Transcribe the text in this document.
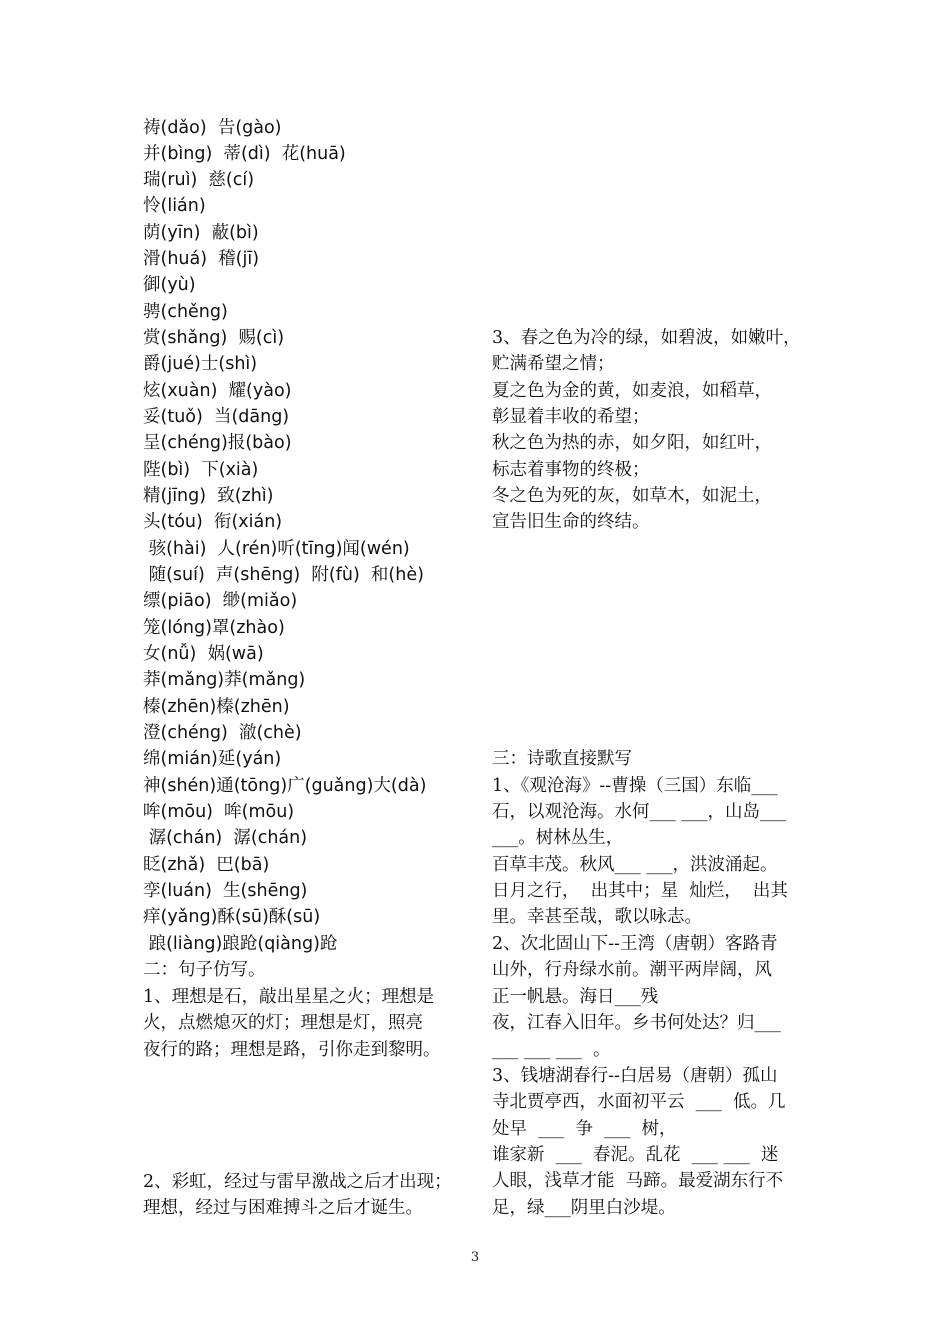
祷(dǎo)  告(gào)
并(bìng)  蒂(dì)  花(huā)
瑞(ruì)  慈(cí)
怜(lián)
荫(yīn)  蔽(bì)
滑(huá)  稽(jī)
御(yù)
骋(chěng)
赏(shǎng)  赐(cì)
爵(jué)士(shì)
炫(xuàn)  耀(yào)
妥(tuǒ)  当(dāng)
呈(chéng)报(bào)
陛(bì)  下(xià)
精(jīng)  致(zhì)
头(tóu)  衔(xián)
骇(hài)  人(rén)听(tīng)闻(wén)
随(suí)  声(shēng)  附(fù)  和(hè)
缥(piāo)  缈(miǎo)
笼(lóng)罩(zhào)
女(nǚ)  娲(wā)
莽(mǎng)莽(mǎng)
榛(zhēn)榛(zhēn)
澄(chéng)  澈(chè)
绵(mián)延(yán)
神(shén)通(tōng)广(guǎng)大(dà)
哞(mōu)  哞(mōu)
潺(chán)  潺(chán)
眨(zhǎ)  巴(bā)
孪(luán)  生(shēng)
痒(yǎng)酥(sū)酥(sū)
踉(liàng)踉跄(qiàng)跄
二：句子仿写。
1、理想是石，敲出星星之火；理想是
火，点燃熄灭的灯；理想是灯，照亮
夜行的路；理想是路，引你走到黎明。
2、彩虹，经过与雷早激战之后才出现；
理想，经过与困难搏斗之后才诞生。
3、春之色为冷的绿，如碧波，如嫩叶，
贮满希望之情；
夏之色为金的黄，如麦浪，如稻草，
彰显着丰收的希望；
秋之色为热的赤，如夕阳，如红叶，
标志着事物的终极；
冬之色为死的灰，如草木，如泥土，
宣告旧生命的终结。
三：诗歌直接默写
1、《观沧海》--曹操（三国）东临___
石，以观沧海。水何___ ___，山岛___
___。树林丛生，
百草丰茂。秋风___ ___，洪波涌起。
日月之行，  出其中；星  灿烂，  出其
里。幸甚至哉，歌以咏志。
2、次北固山下--王湾（唐朝）客路青
山外，行舟绿水前。潮平两岸阔，风
正一帆悬。海日___残
夜，江春入旧年。乡书何处达？归___
___ ___ ___  。
3、钱塘湖春行--白居易（唐朝）孤山
寺北贾亭西，水面初平云  ___  低。几
处早  ___  争  ___  树，
谁家新  ___  春泥。乱花  ___ ___  迷
人眼，浅草才能  马蹄。最爱湖东行不
足，绿___阴里白沙堤。
3
